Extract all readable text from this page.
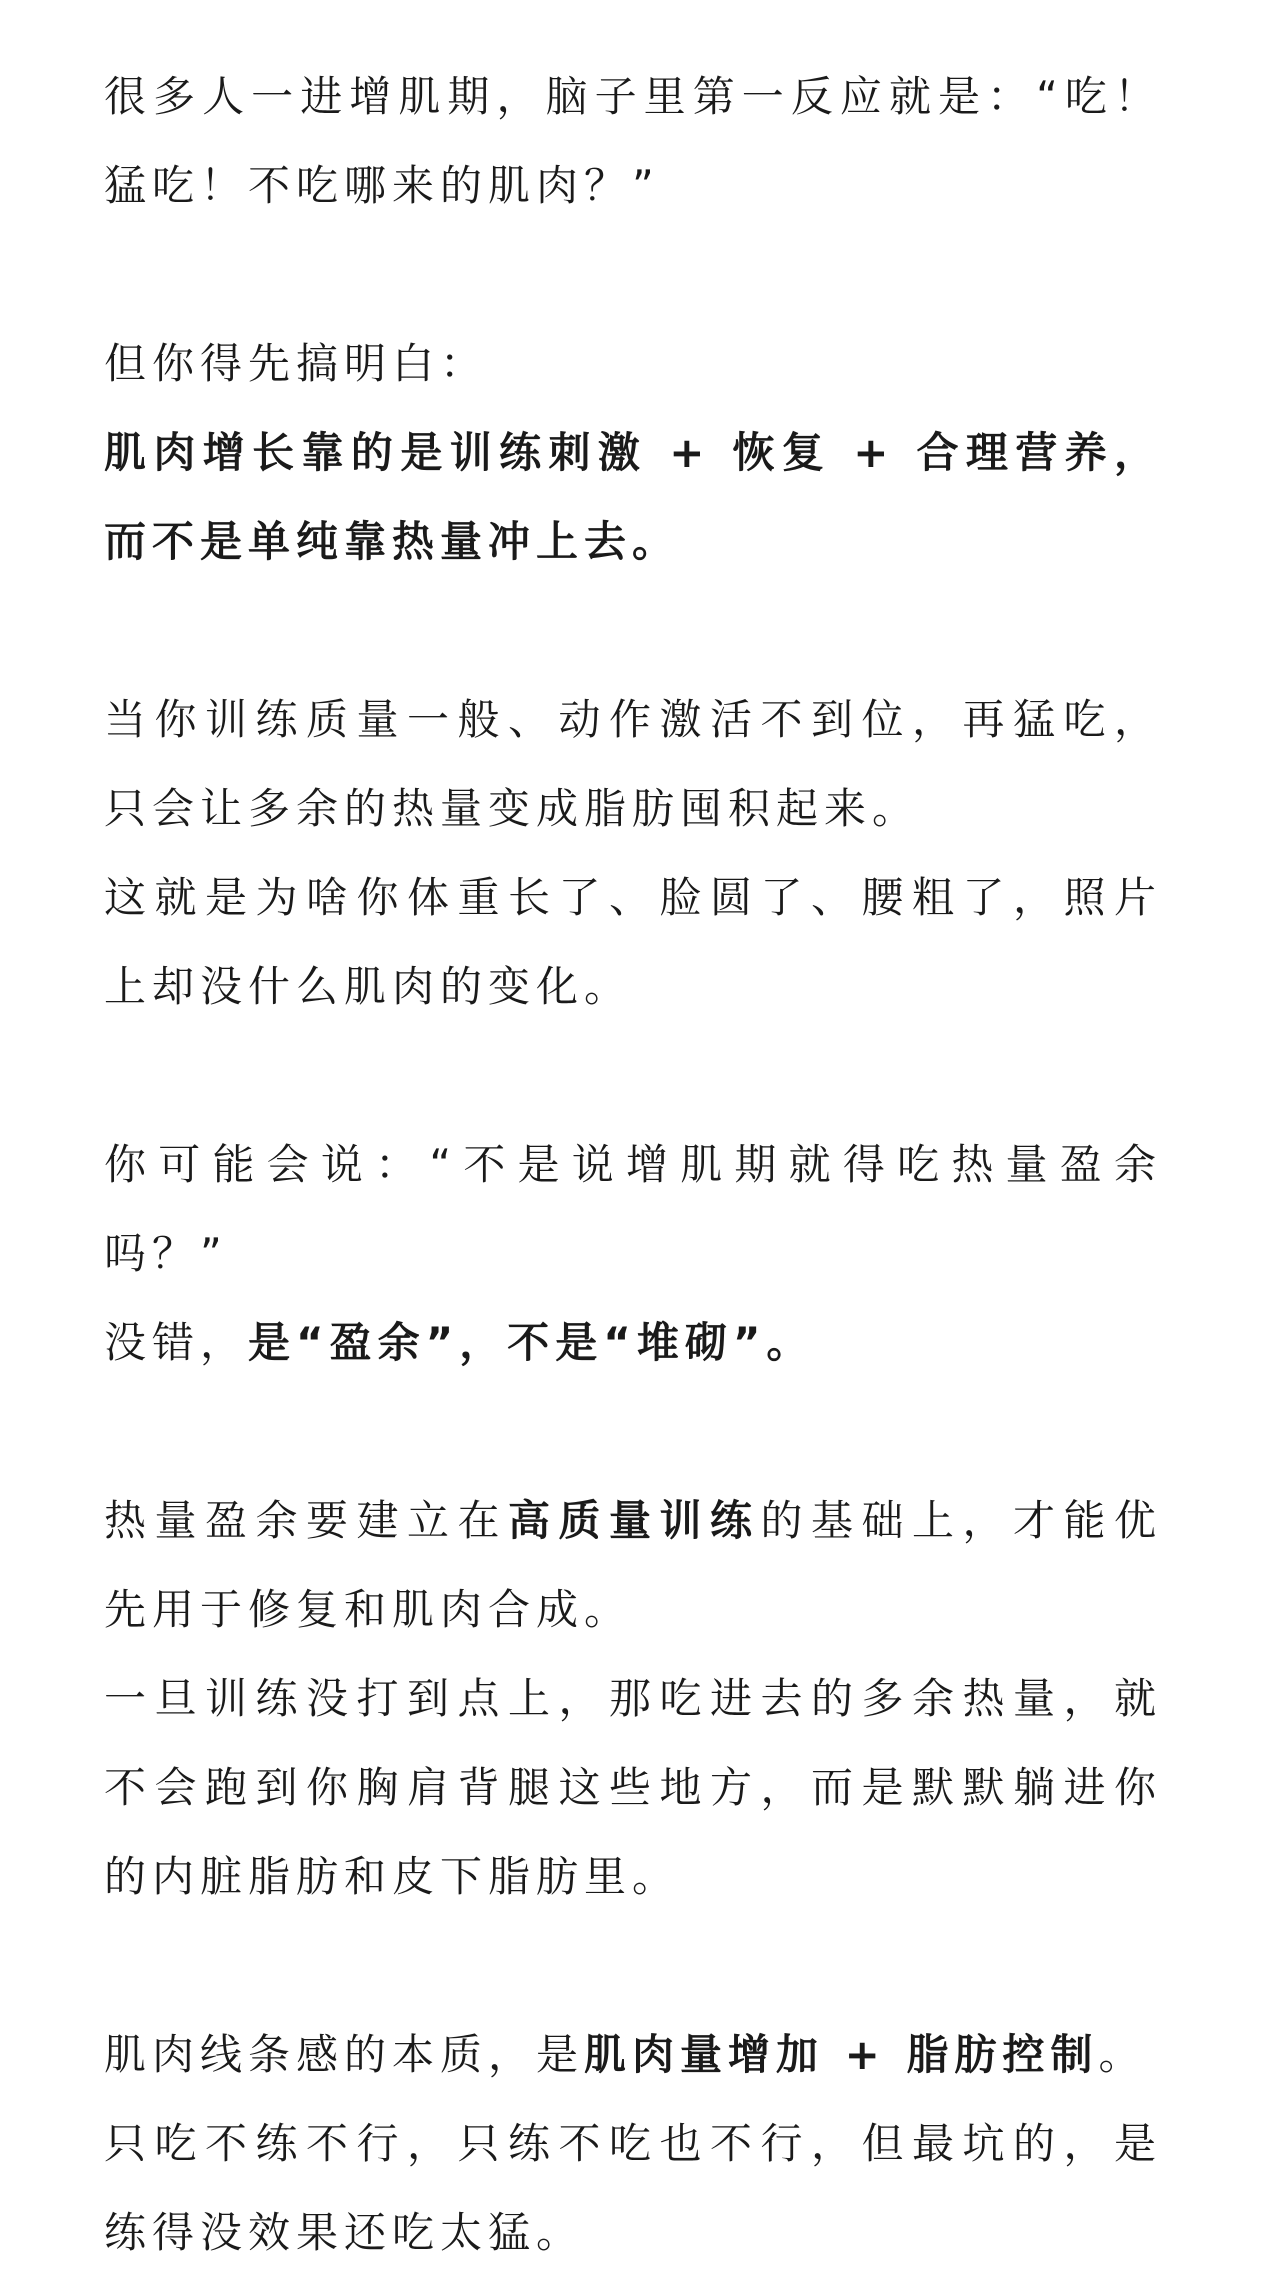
很多人一进增肌期，脑子里第一反应就是：“吃！
猛吃！不吃哪来的肌肉？”
但你得先搞明白：
肌肉增长靠的是训练刺激 + 恢复 + 合理营养，
而不是单纯靠热量冲上去。
当你训练质量一般、动作激活不到位，再猛吃，
只会让多余的热量变成脂肪囤积起来。
这就是为啥你体重长了、脸圆了、腰粗了，照片
上却没什么肌肉的变化。
你可能会说：“不是说增肌期就得吃热量盈余
吗？”
没错，是“盈余”，不是“堆砌”。
热量盈余要建立在高质量训练的基础上，才能优
先用于修复和肌肉合成。
一旦训练没打到点上，那吃进去的多余热量，就
不会跑到你胸肩背腿这些地方，而是默默躺进你
的内脏脂肪和皮下脂肪里。
肌肉线条感的本质，是肌肉量增加 + 脂肪控制。
只吃不练不行，只练不吃也不行，但最坑的，是
练得没效果还吃太猛。
